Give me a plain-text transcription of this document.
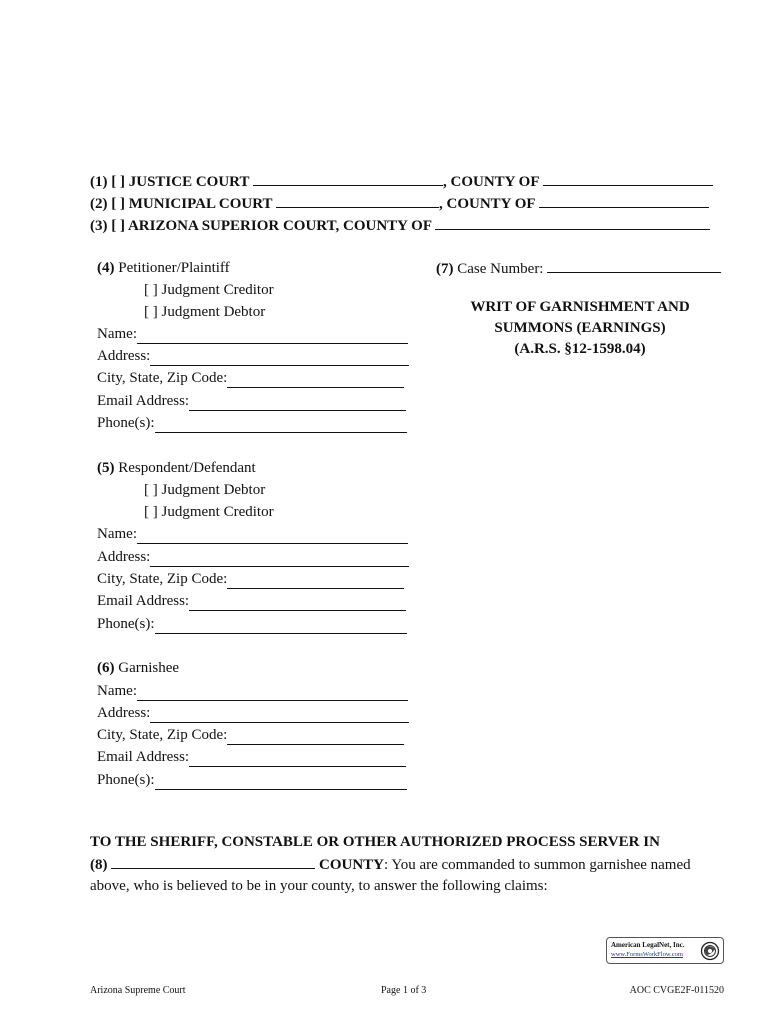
(1) [ ] JUSTICE COURT	, COUNTY OF
(2) [ ] MUNICIPAL COURT	, COUNTY OF
(3) [ ] ARIZONA SUPERIOR COURT, COUNTY OF
(7) Case Number:
WRIT OF GARNISHMENT AND
SUMMONS (EARNINGS)
(A.R.S. §12-1598.04)
(4) Petitioner/Plaintiff
[ ] Judgment Creditor
[ ] Judgment Debtor
Name:
Address:
City, State, Zip Code:
Email Address:
Phone(s):
(5) Respondent/Defendant
[ ] Judgment Debtor
[ ] Judgment Creditor
Name:
Address:
City, State, Zip Code:
Email Address:
Phone(s):
(6) Garnishee
Name:
Address:
City, State, Zip Code:
Email Address:
Phone(s):
TO THE SHERIFF, CONSTABLE OR OTHER AUTHORIZED PROCESS SERVER IN
(8)	COUNTY: You are commanded to summon garnishee named
above, who is believed to be in your county, to answer the following claims:
American LegalNet, Inc.
www.FormsWorkFlow.com
Arizona Supreme Court	Page 1 of 3	AOC CVGE2F-011520
